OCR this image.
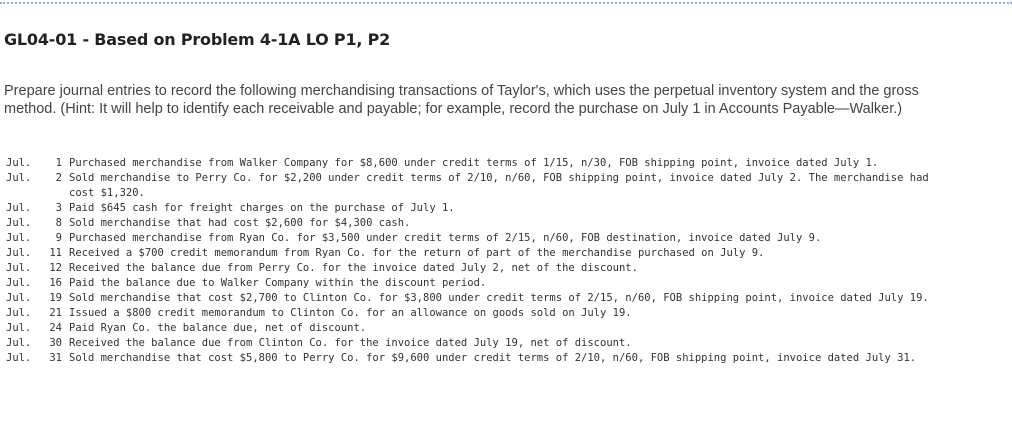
GL04-01 - Based on Problem 4-1A LO P1, P2
Prepare journal entries to record the following merchandising transactions of Taylor's, which uses the perpetual inventory system and the gross method. (Hint: It will help to identify each receivable and payable; for example, record the purchase on July 1 in Accounts Payable—Walker.)
Jul.	1 Purchased merchandise from Walker Company for $8,600 under credit terms of 1/15, n/30, FOB shipping point, invoice dated July 1.
Jul.	2 Sold merchandise to Perry Co. for $2,200 under credit terms of 2/10, n/60, FOB shipping point, invoice dated July 2. The merchandise had cost $1,320.
Jul.	3 Paid $645 cash for freight charges on the purchase of July 1.
Jul.	8 Sold merchandise that had cost $2,600 for $4,300 cash.
Jul.	9 Purchased merchandise from Ryan Co. for $3,500 under credit terms of 2/15, n/60, FOB destination, invoice dated July 9.
Jul.	11 Received a $700 credit memorandum from Ryan Co. for the return of part of the merchandise purchased on July 9.
Jul.	12 Received the balance due from Perry Co. for the invoice dated July 2, net of the discount.
Jul.	16 Paid the balance due to Walker Company within the discount period.
Jul.	19 Sold merchandise that cost $2,700 to Clinton Co. for $3,800 under credit terms of 2/15, n/60, FOB shipping point, invoice dated July 19.
Jul.	21 Issued a $800 credit memorandum to Clinton Co. for an allowance on goods sold on July 19.
Jul.	24 Paid Ryan Co. the balance due, net of discount.
Jul.	30 Received the balance due from Clinton Co. for the invoice dated July 19, net of discount.
Jul.	31 Sold merchandise that cost $5,800 to Perry Co. for $9,600 under credit terms of 2/10, n/60, FOB shipping point, invoice dated July 31.
